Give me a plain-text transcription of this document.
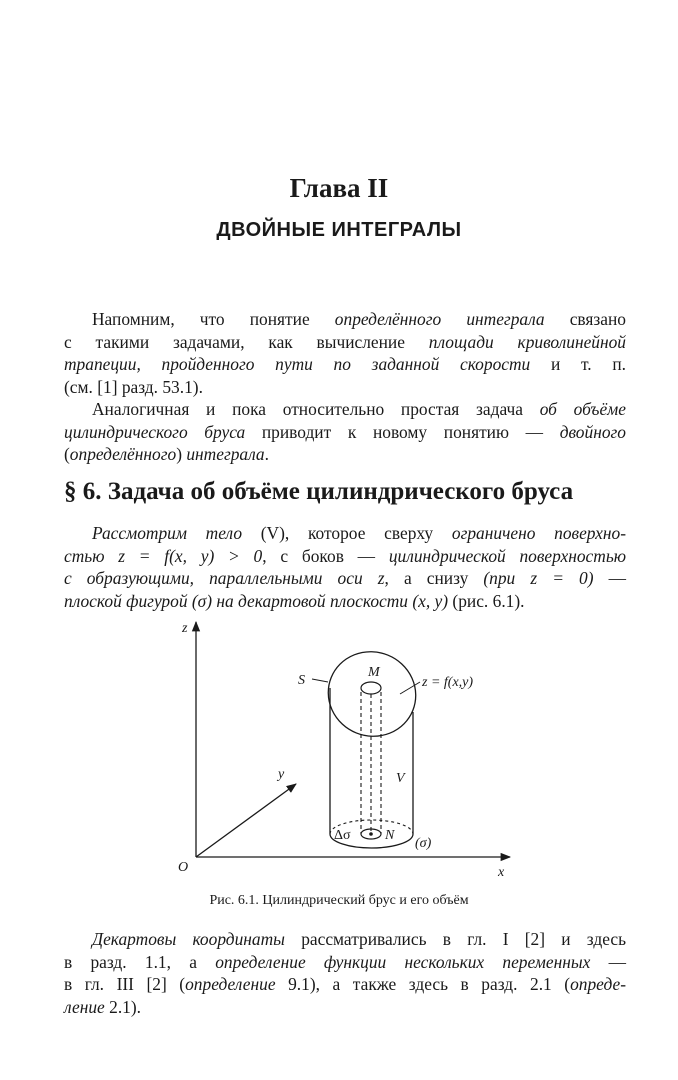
Глава II
ДВОЙНЫЕ ИНТЕГРАЛЫ
Напомним, что понятие определённого интеграла связано
с такими задачами, как вычисление площади криволинейной
трапеции, пройденного пути по заданной скорости и т. п.
(см. [1] разд. 53.1).
Аналогичная и пока относительно простая задача об объёме
цилиндрического бруса приводит к новому понятию — двойного
(определённого) интеграла.
§ 6. Задача об объёме цилиндрического бруса
Рассмотрим тело (V), которое сверху ограничено поверхно-
стью z = f(x, y) > 0, с боков — цилиндрической поверхностью
с образующими, параллельными оси z, а снизу (при z = 0) —
плоской фигурой (σ) на декартовой плоскости (x, y) (рис. 6.1).
z
y
x
O
S
M
z = f(x,y)
V
Δσ N
(σ)
Рис. 6.1. Цилиндрический брус и его объём
Декартовы координаты рассматривались в гл. I [2] и здесь
в разд. 1.1, а определение функции нескольких переменных —
в гл. III [2] (определение 9.1), а также здесь в разд. 2.1 (опреде-
ление 2.1).
